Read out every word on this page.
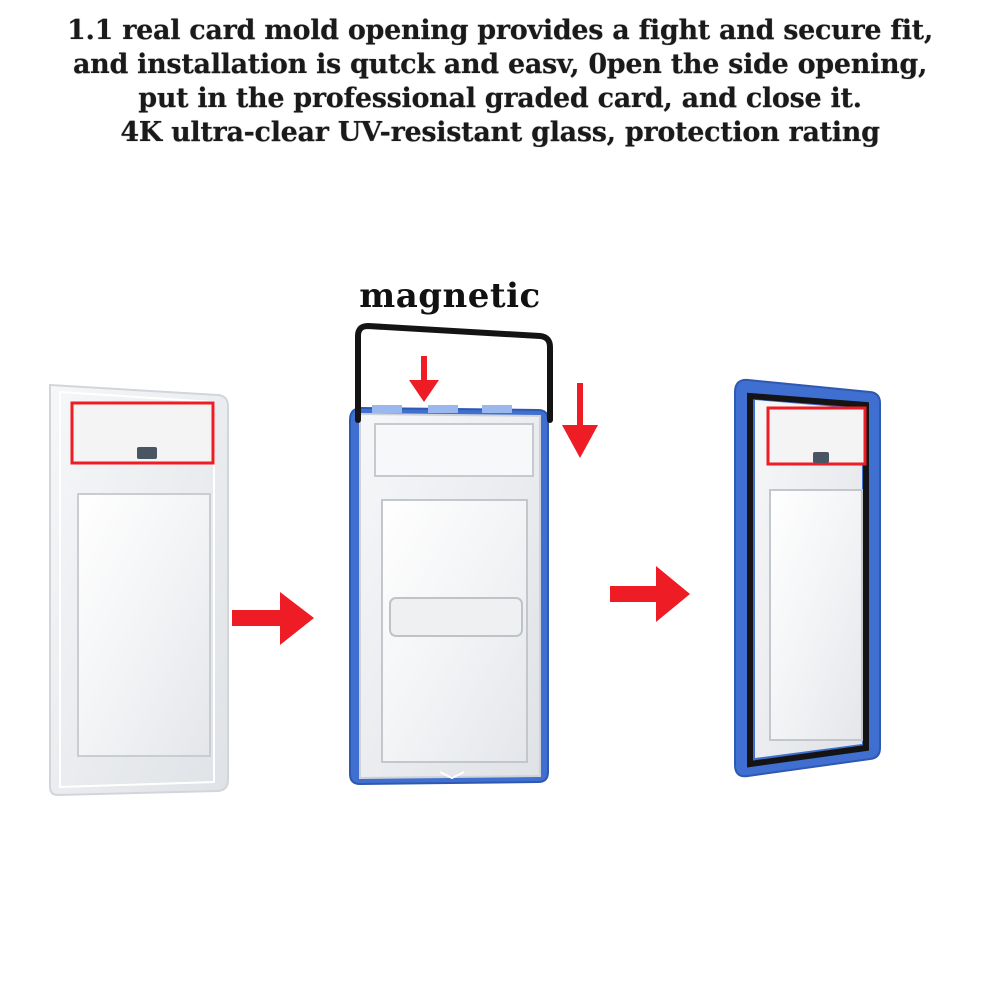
1.1 real card mold opening provides a fight and secure fit,
and installation is qutck and easv, 0pen the side opening,
put in the professional graded card, and close it.
4K ultra-clear UV-resistant glass, protection rating
magnetic
